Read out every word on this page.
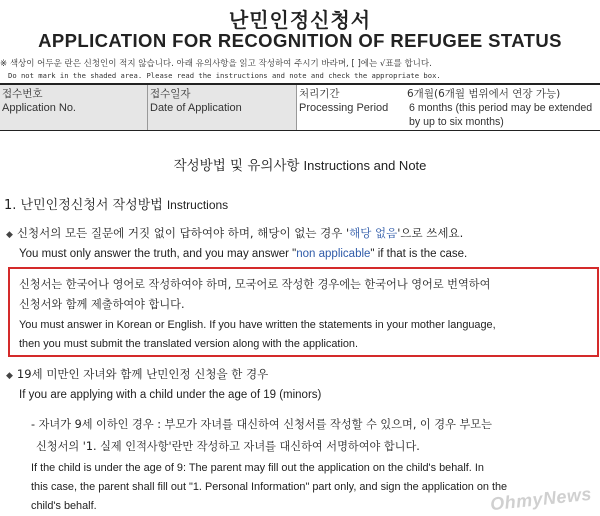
난민인정신청서
APPLICATION FOR RECOGNITION OF REFUGEE STATUS
※ 색상이 어두운 란은 신청인이 적지 않습니다. 아래 유의사항을 읽고 작성하여 주시기 바라며, [ ]에는 √표를 합니다.
Do not mark in the shaded area. Please read the instructions and note and check the appropriate box.
접수번호
Application No.
접수일자
Date of Application
처리기간
Processing Period
6개월(6개월 범위에서 연장 가능)
6 months (this period may be extended
by up to six months)
작성방법 및 유의사항 Instructions and Note
1. 난민인정신청서 작성방법 Instructions
◆ 신청서의 모든 질문에 거짓 없이 답하여야 하며, 해당이 없는 경우 '해당 없음'으로 쓰세요.
You must only answer the truth, and you may answer "non applicable" if that is the case.
신청서는 한국어나 영어로 작성하여야 하며, 모국어로 작성한 경우에는 한국어나 영어로 번역하여
신청서와 함께 제출하여야 합니다.
You must answer in Korean or English. If you have written the statements in your mother language,
then you must submit the translated version along with the application.
◆ 19세 미만인 자녀와 함께 난민인정 신청을 한 경우
If you are applying with a child under the age of 19 (minors)
- 자녀가 9세 이하인 경우 : 부모가 자녀를 대신하여 신청서를 작성할 수 있으며, 이 경우 부모는
신청서의 '1. 실제 인적사항'란만 작성하고 자녀를 대신하여 서명하여야 합니다.
If the child is under the age of 9: The parent may fill out the application on the child's behalf. In
this case, the parent shall fill out "1. Personal Information" part only, and sign the application on the
child's behalf.	OhmyNews
